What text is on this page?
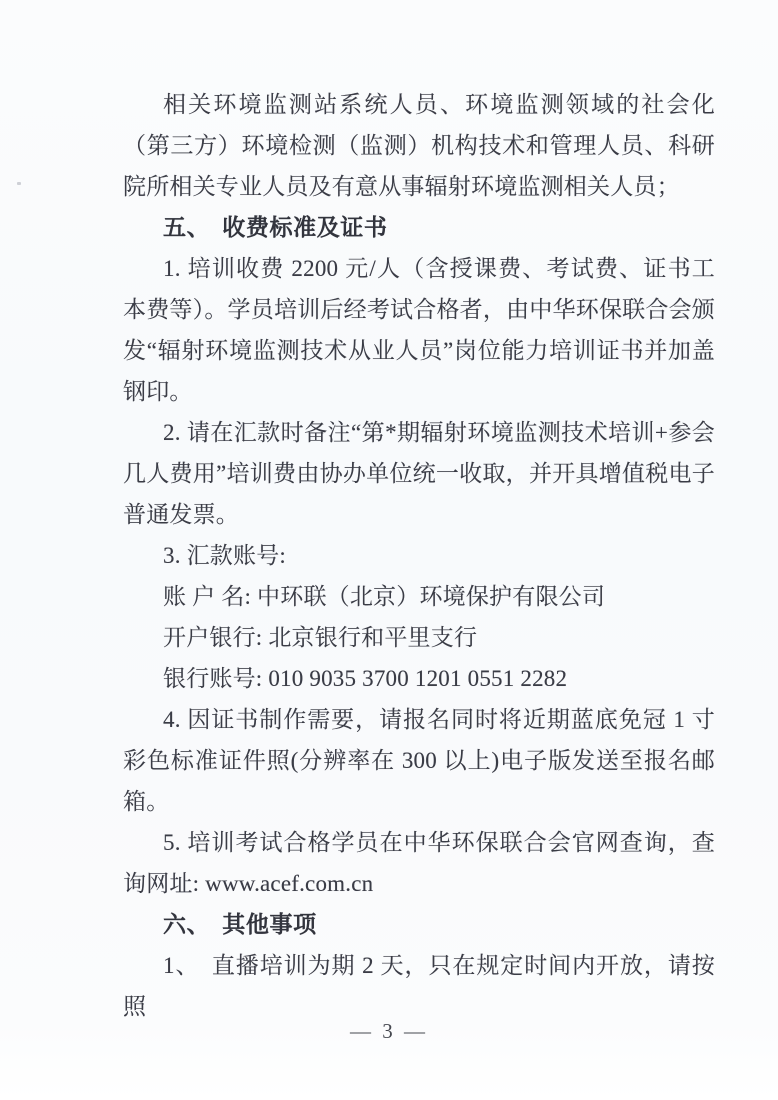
相关环境监测站系统人员、环境监测领域的社会化（第三方）环境检测（监测）机构技术和管理人员、科研院所相关专业人员及有意从事辐射环境监测相关人员；

五、　收费标准及证书

1. 培训收费 2200 元/人（含授课费、考试费、证书工本费等）。学员培训后经考试合格者，由中华环保联合会颁发“辐射环境监测技术从业人员”岗位能力培训证书并加盖钢印。

2. 请在汇款时备注“第*期辐射环境监测技术培训+参会几人费用”培训费由协办单位统一收取，并开具增值税电子普通发票。

3. 汇款账号:

账 户 名: 中环联（北京）环境保护有限公司

开户银行: 北京银行和平里支行

银行账号: 010 9035 3700 1201 0551 2282

4. 因证书制作需要，请报名同时将近期蓝底免冠 1 寸彩色标准证件照(分辨率在 300 以上)电子版发送至报名邮箱。

5. 培训考试合格学员在中华环保联合会官网查询，查询网址: www.acef.com.cn

六、　其他事项

1、　直播培训为期 2 天，只在规定时间内开放，请按照

— 3 —
